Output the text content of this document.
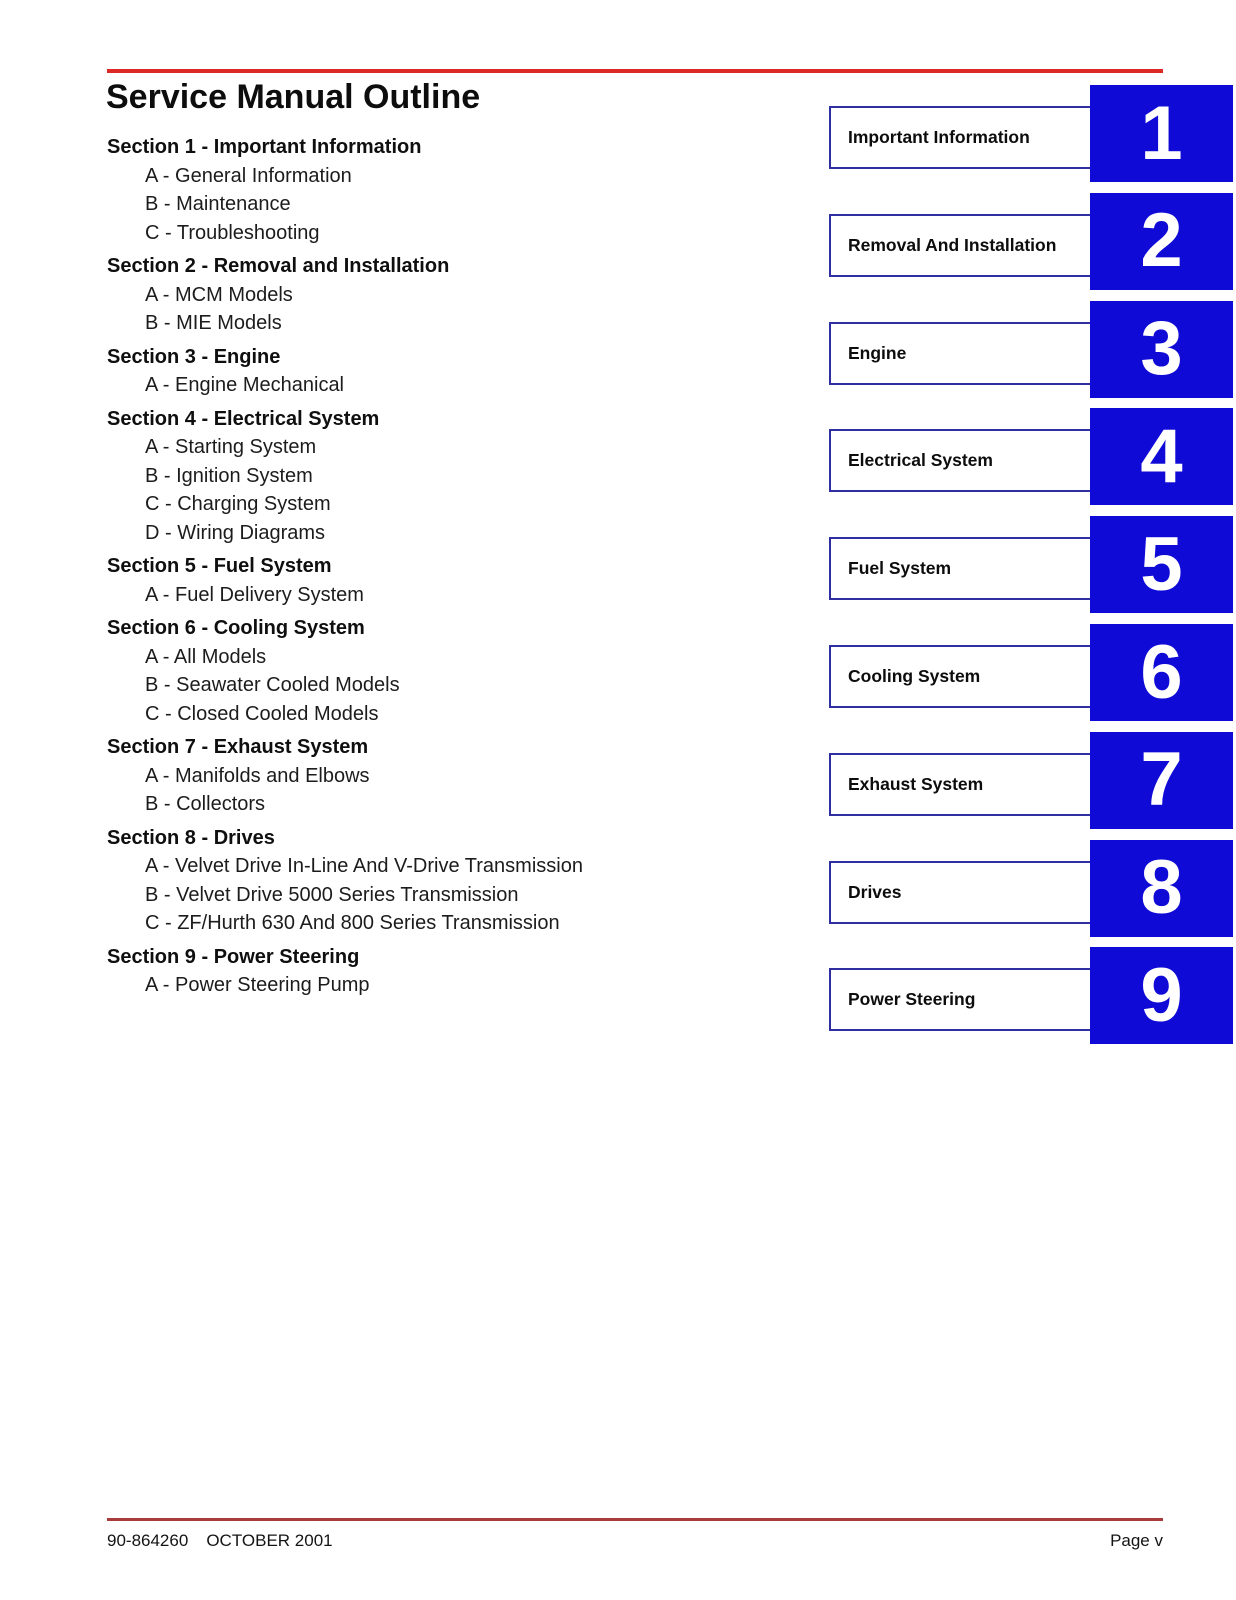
Service Manual Outline
Section 1 - Important Information
A - General Information
B - Maintenance
C - Troubleshooting
Section 2 - Removal and Installation
A - MCM Models
B - MIE Models
Section 3 - Engine
A - Engine Mechanical
Section 4 - Electrical System
A - Starting System
B - Ignition System
C - Charging System
D - Wiring Diagrams
Section 5 - Fuel System
A - Fuel Delivery System
Section 6 - Cooling System
A - All Models
B - Seawater Cooled Models
C - Closed Cooled Models
Section 7 - Exhaust System
A - Manifolds and Elbows
B - Collectors
Section 8 - Drives
A - Velvet Drive In-Line And V-Drive Transmission
B - Velvet Drive 5000 Series Transmission
C - ZF/Hurth 630 And 800 Series Transmission
Section 9 - Power Steering
A - Power Steering Pump
Important Information	1
Removal And Installation	2
Engine	3
Electrical System	4
Fuel System	5
Cooling System	6
Exhaust System	7
Drives	8
Power Steering	9
90-864260 OCTOBER 2001	Page v
